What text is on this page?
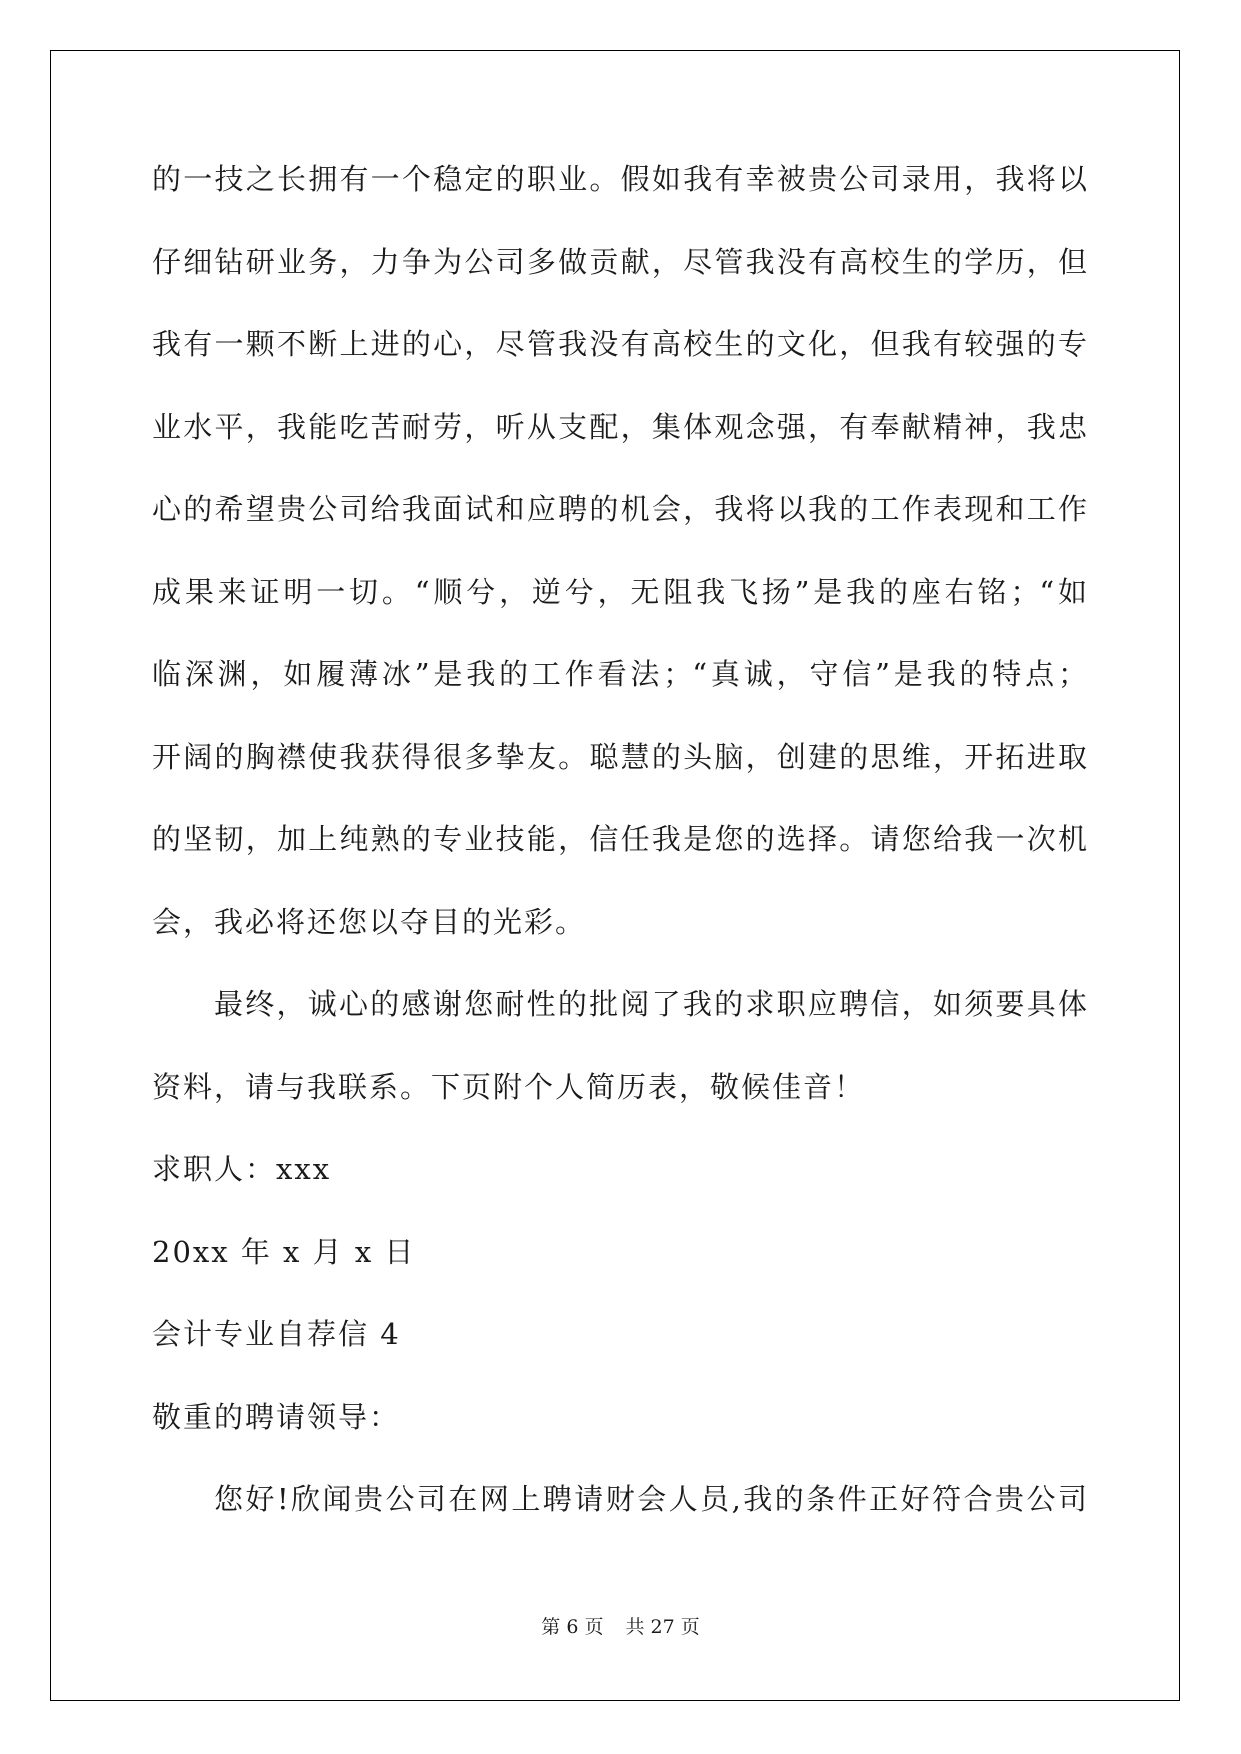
的一技之长拥有一个稳定的职业。假如我有幸被贵公司录用，我将以
仔细钻研业务，力争为公司多做贡献，尽管我没有高校生的学历，但
我有一颗不断上进的心，尽管我没有高校生的文化，但我有较强的专
业水平，我能吃苦耐劳，听从支配，集体观念强，有奉献精神，我忠
心的希望贵公司给我面试和应聘的机会，我将以我的工作表现和工作
成果来证明一切。“顺兮，逆兮，无阻我飞扬”是我的座右铭；“如
临深渊，如履薄冰”是我的工作看法；“真诚，守信”是我的特点；
开阔的胸襟使我获得很多挚友。聪慧的头脑，创建的思维，开拓进取
的坚韧，加上纯熟的专业技能，信任我是您的选择。请您给我一次机
会，我必将还您以夺目的光彩。
最终，诚心的感谢您耐性的批阅了我的求职应聘信，如须要具体
资料，请与我联系。下页附个人简历表，敬候佳音！
求职人：xxx
20xx 年 x 月 x 日
会计专业自荐信 4
敬重的聘请领导：
您好!欣闻贵公司在网上聘请财会人员,我的条件正好符合贵公司
第 6 页 共 27 页
